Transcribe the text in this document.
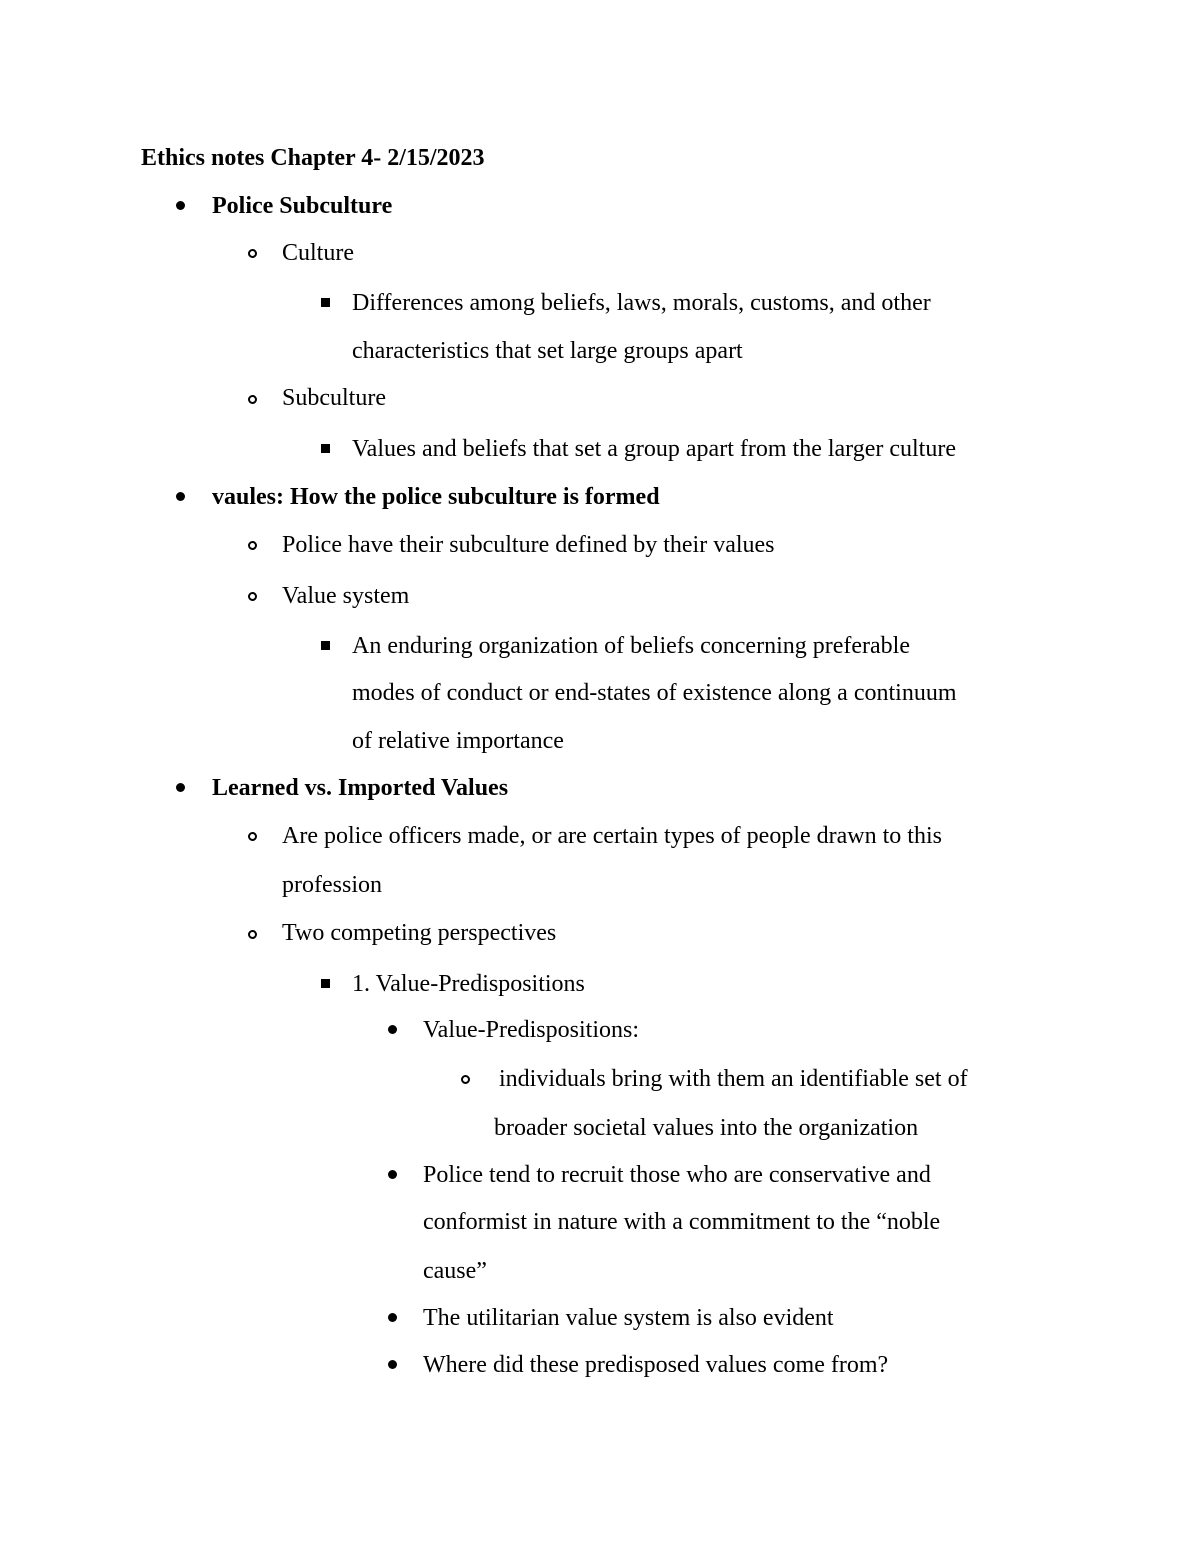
Ethics notes Chapter 4- 2/15/2023
Police Subculture
Culture
Differences among beliefs, laws, morals, customs, and other
characteristics that set large groups apart
Subculture
Values and beliefs that set a group apart from the larger culture
vaules: How the police subculture is formed
Police have their subculture defined by their values
Value system
An enduring organization of beliefs concerning preferable
modes of conduct or end-states of existence along a continuum
of relative importance
Learned vs. Imported Values
Are police officers made, or are certain types of people drawn to this
profession
Two competing perspectives
1. Value-Predispositions
Value-Predispositions:
individuals bring with them an identifiable set of
broader societal values into the organization
Police tend to recruit those who are conservative and
conformist in nature with a commitment to the “noble
cause”
The utilitarian value system is also evident
Where did these predisposed values come from?
